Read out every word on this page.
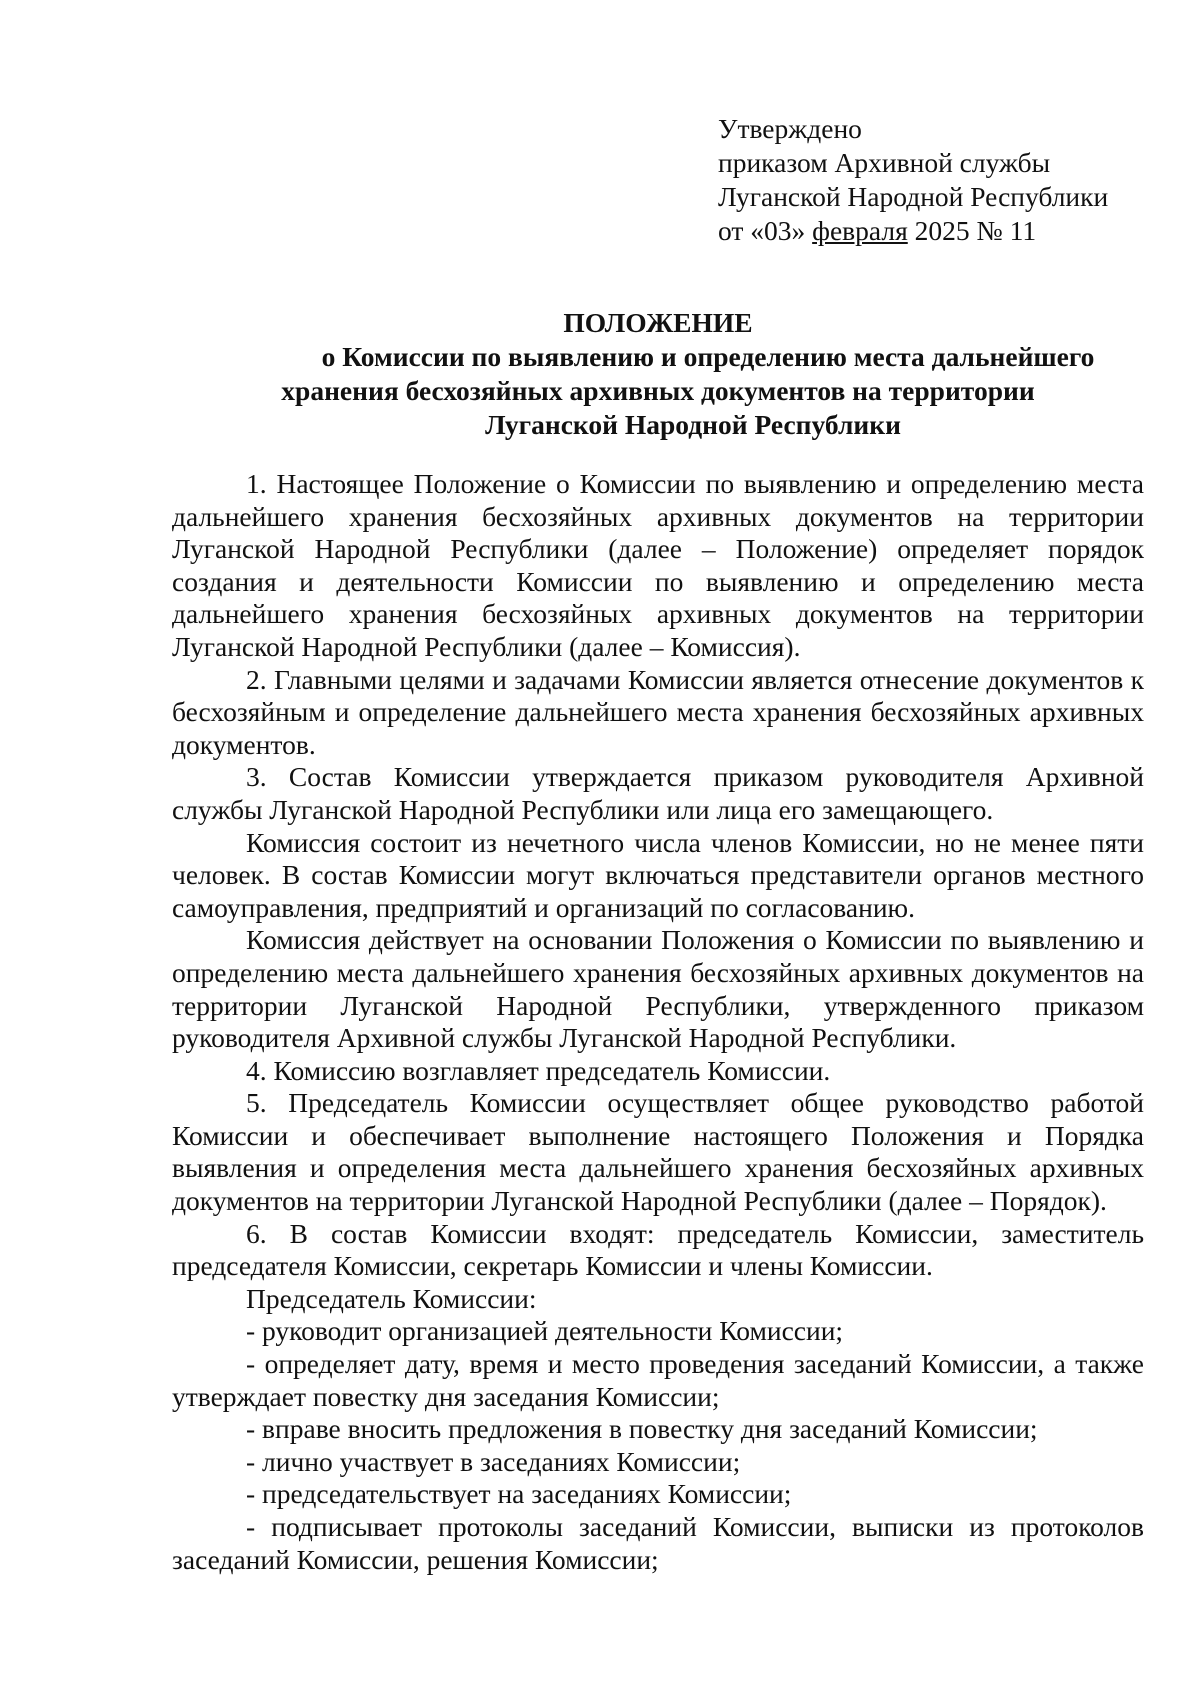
Утверждено
приказом Архивной службы
Луганской Народной Республики
от «03» февраля 2025 № 11
ПОЛОЖЕНИЕ
о Комиссии по выявлению и определению места дальнейшего
хранения бесхозяйных архивных документов на территории
Луганской Народной Республики

1. Настоящее Положение о Комиссии по выявлению и определению места дальнейшего хранения бесхозяйных архивных документов на территории Луганской Народной Республики (далее – Положение) определяет порядок создания и деятельности Комиссии по выявлению и определению места дальнейшего хранения бесхозяйных архивных документов на территории Луганской Народной Республики (далее – Комиссия).

2. Главными целями и задачами Комиссии является отнесение документов к бесхозяйным и определение дальнейшего места хранения бесхозяйных архивных документов.

3. Состав Комиссии утверждается приказом руководителя Архивной службы Луганской Народной Республики или лица его замещающего.

Комиссия состоит из нечетного числа членов Комиссии, но не менее пяти человек. В состав Комиссии могут включаться представители органов местного самоуправления, предприятий и организаций по согласованию.

Комиссия действует на основании Положения о Комиссии по выявлению и определению места дальнейшего хранения бесхозяйных архивных документов на территории Луганской Народной Республики, утвержденного приказом руководителя Архивной службы Луганской Народной Республики.

4. Комиссию возглавляет председатель Комиссии.

5. Председатель Комиссии осуществляет общее руководство работой Комиссии и обеспечивает выполнение настоящего Положения и Порядка выявления и определения места дальнейшего хранения бесхозяйных архивных документов на территории Луганской Народной Республики (далее – Порядок).

6. В состав Комиссии входят: председатель Комиссии, заместитель председателя Комиссии, секретарь Комиссии и члены Комиссии.

Председатель Комиссии:

- руководит организацией деятельности Комиссии;

- определяет дату, время и место проведения заседаний Комиссии, а также утверждает повестку дня заседания Комиссии;

- вправе вносить предложения в повестку дня заседаний Комиссии;

- лично участвует в заседаниях Комиссии;

- председательствует на заседаниях Комиссии;

- подписывает протоколы заседаний Комиссии, выписки из протоколов заседаний Комиссии, решения Комиссии;
